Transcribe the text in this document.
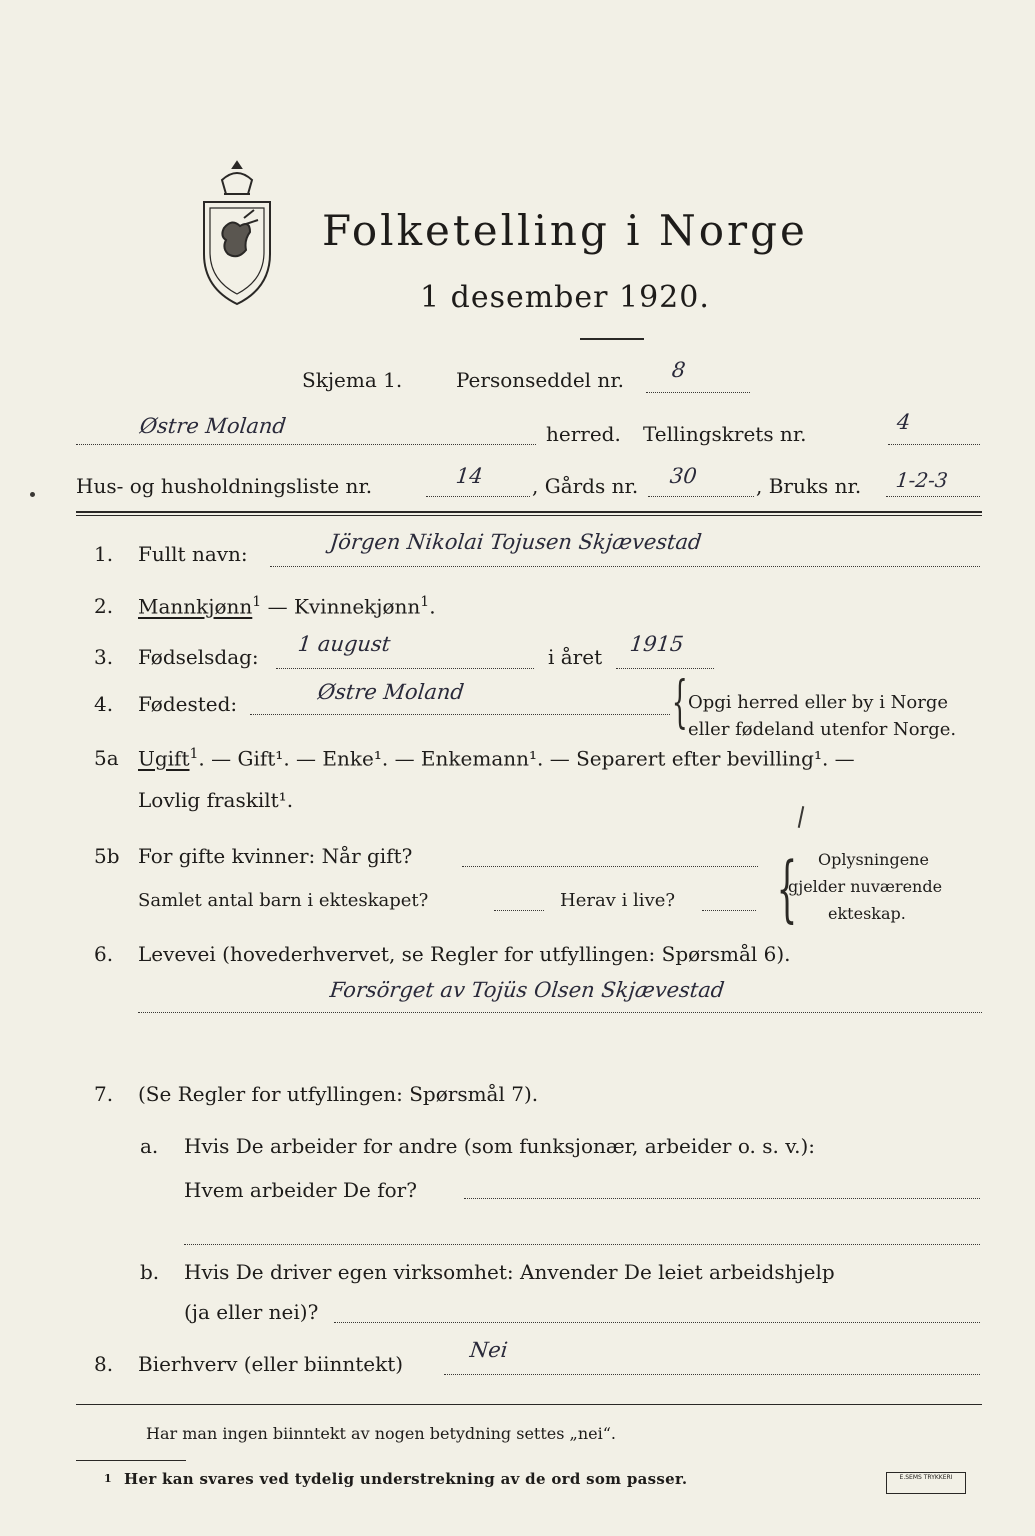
Folketelling i Norge
1 desember 1920.
Skjema 1.	Personseddel nr. 8
Østre Moland	herred. Tellingskrets nr.	4
Hus- og husholdningsliste nr.	14 , Gårds nr. 30	, Bruks nr. 1-2-3
1. Fullt navn:	Jörgen Nikolai Tojusen Skjævestad
2. Mannkjønn$^1$ — Kvinnekjønn$^1$.
3. Fødselsdag:
1 august
i året
1915
4. Fødested:	Østre Moland	{ Opgi herred eller by i Norge
eller fødeland utenfor Norge.
5a Ugift$^1$. — Gift¹. — Enke¹. — Enkemann¹. — Separert efter bevilling¹. —
Lovlig fraskilt¹.
5b For gifte kvinner: Når gift?
Samlet antal barn i ekteskapet?	Herav i live? { Oplysningene
gjelder nuværende
ekteskap.
6. Levevei (hovederhvervet, se Regler for utfyllingen: Spørsmål 6).
Forsörget av Tojüs Olsen Skjævestad
7. (Se Regler for utfyllingen: Spørsmål 7).
a. Hvis De arbeider for andre (som funksjonær, arbeider o. s. v.):
Hvem arbeider De for?
b. Hvis De driver egen virksomhet: Anvender De leiet arbeidshjelp
(ja eller nei)?
8. Bierhverv (eller biinntekt)
Nei
Har man ingen biinntekt av nogen betydning settes „nei“.
1 Her kan svares ved tydelig understrekning av de ord som passer.	E.SEMS TRYKKERI
